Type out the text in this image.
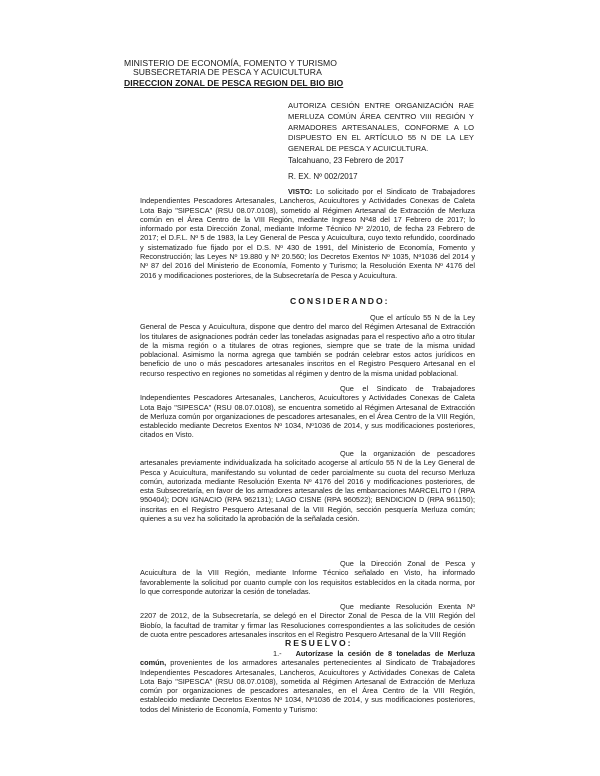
MINISTERIO DE ECONOMÍA, FOMENTO Y TURISMO
SUBSECRETARIA DE PESCA Y ACUICULTURA
DIRECCION ZONAL DE PESCA REGION DEL BIO BIO
AUTORIZA CESIÓN ENTRE ORGANIZACIÓN RAE MERLUZA COMÚN ÁREA CENTRO VIII REGIÓN Y ARMADORES ARTESANALES, CONFORME A LO DISPUESTO EN EL ARTÍCULO 55 N DE LA LEY GENERAL DE PESCA Y ACUICULTURA.
Talcahuano, 23 Febrero de 2017
R. EX. Nº 002/2017

VISTO: Lo solicitado por el Sindicato de Trabajadores Independientes Pescadores Artesanales, Lancheros, Acuicultores y Actividades Conexas de Caleta Lota Bajo "SIPESCA" (RSU 08.07.0108), sometido al Régimen Artesanal de Extracción de Merluza común en el Área Centro de la VIII Región, mediante Ingreso Nº48 del 17 Febrero de 2017; lo informado por esta Dirección Zonal, mediante Informe Técnico Nº 2/2010, de fecha 23 Febrero de 2017; el D.F.L. Nº 5 de 1983, la Ley General de Pesca y Acuicultura, cuyo texto refundido, coordinado y sistematizado fue fijado por el D.S. Nº 430 de 1991, del Ministerio de Economía, Fomento y Reconstrucción; las Leyes Nº 19.880 y Nº 20.560; los Decretos Exentos Nº 1035, Nº1036 del 2014 y Nº 87 del 2016 del Ministerio de Economía, Fomento y Turismo; la Resolución Exenta Nº 4176 del 2016 y modificaciones posteriores, de la Subsecretaría de Pesca y Acuicultura.

CONSIDERANDO:

Que el artículo 55 N de la Ley General de Pesca y Acuicultura, dispone que dentro del marco del Régimen Artesanal de Extracción los titulares de asignaciones podrán ceder las toneladas asignadas para el respectivo año a otro titular de la misma región o a titulares de otras regiones, siempre que se trate de la misma unidad poblacional. Asimismo la norma agrega que también se podrán celebrar estos actos jurídicos en beneficio de uno o más pescadores artesanales inscritos en el Registro Pesquero Artesanal en el recurso respectivo en regiones no sometidas al régimen y dentro de la misma unidad poblacional.

Que el Sindicato de Trabajadores Independientes Pescadores Artesanales, Lancheros, Acuicultores y Actividades Conexas de Caleta Lota Bajo "SIPESCA" (RSU 08.07.0108), se encuentra sometido al Régimen Artesanal de Extracción de Merluza común por organizaciones de pescadores artesanales, en el Área Centro de la VIII Región, establecido mediante Decretos Exentos Nº 1034, Nº1036 de 2014, y sus modificaciones posteriores, citados en Visto.

Que la organización de pescadores artesanales previamente individualizada ha solicitado acogerse al artículo 55 N de la Ley General de Pesca y Acuicultura, manifestando su voluntad de ceder parcialmente su cuota del recurso Merluza común, autorizada mediante Resolución Exenta Nº 4176 del 2016 y modificaciones posteriores, de esta Subsecretaría, en favor de los armadores artesanales de las embarcaciones MARCELITO I (RPA 950404); DON IGNACIO (RPA 962131); LAGO CISNE (RPA 960522); BENDICION D (RPA 961150); inscritas en el Registro Pesquero Artesanal de la VIII Región, sección pesquería Merluza común; quienes a su vez ha solicitado la aprobación de la señalada cesión.

Que la Dirección Zonal de Pesca y Acuicultura de la VIII Región, mediante Informe Técnico señalado en Visto, ha informado favorablemente la solicitud por cuanto cumple con los requisitos establecidos en la citada norma, por lo que corresponde autorizar la cesión de toneladas.

Que mediante Resolución Exenta Nº 2207 de 2012, de la Subsecretaría, se delegó en el Director Zonal de Pesca de la VIII Región del Biobío, la facultad de tramitar y firmar las Resoluciones correspondientes a las solicitudes de cesión de cuota entre pescadores artesanales inscritos en el Registro Pesquero Artesanal de la VIII Región

RESUELVO:

1.- Autorízase la cesión de 8 toneladas de Merluza común, provenientes de los armadores artesanales pertenecientes al Sindicato de Trabajadores Independientes Pescadores Artesanales, Lancheros, Acuicultores y Actividades Conexas de Caleta Lota Bajo "SIPESCA" (RSU 08.07.0108), sometida al Régimen Artesanal de Extracción de Merluza común por organizaciones de pescadores artesanales, en el Área Centro de la VIII Región, establecido mediante Decretos Exentos Nº 1034, Nº1036 de 2014, y sus modificaciones posteriores, todos del Ministerio de Economía, Fomento y Turismo:
